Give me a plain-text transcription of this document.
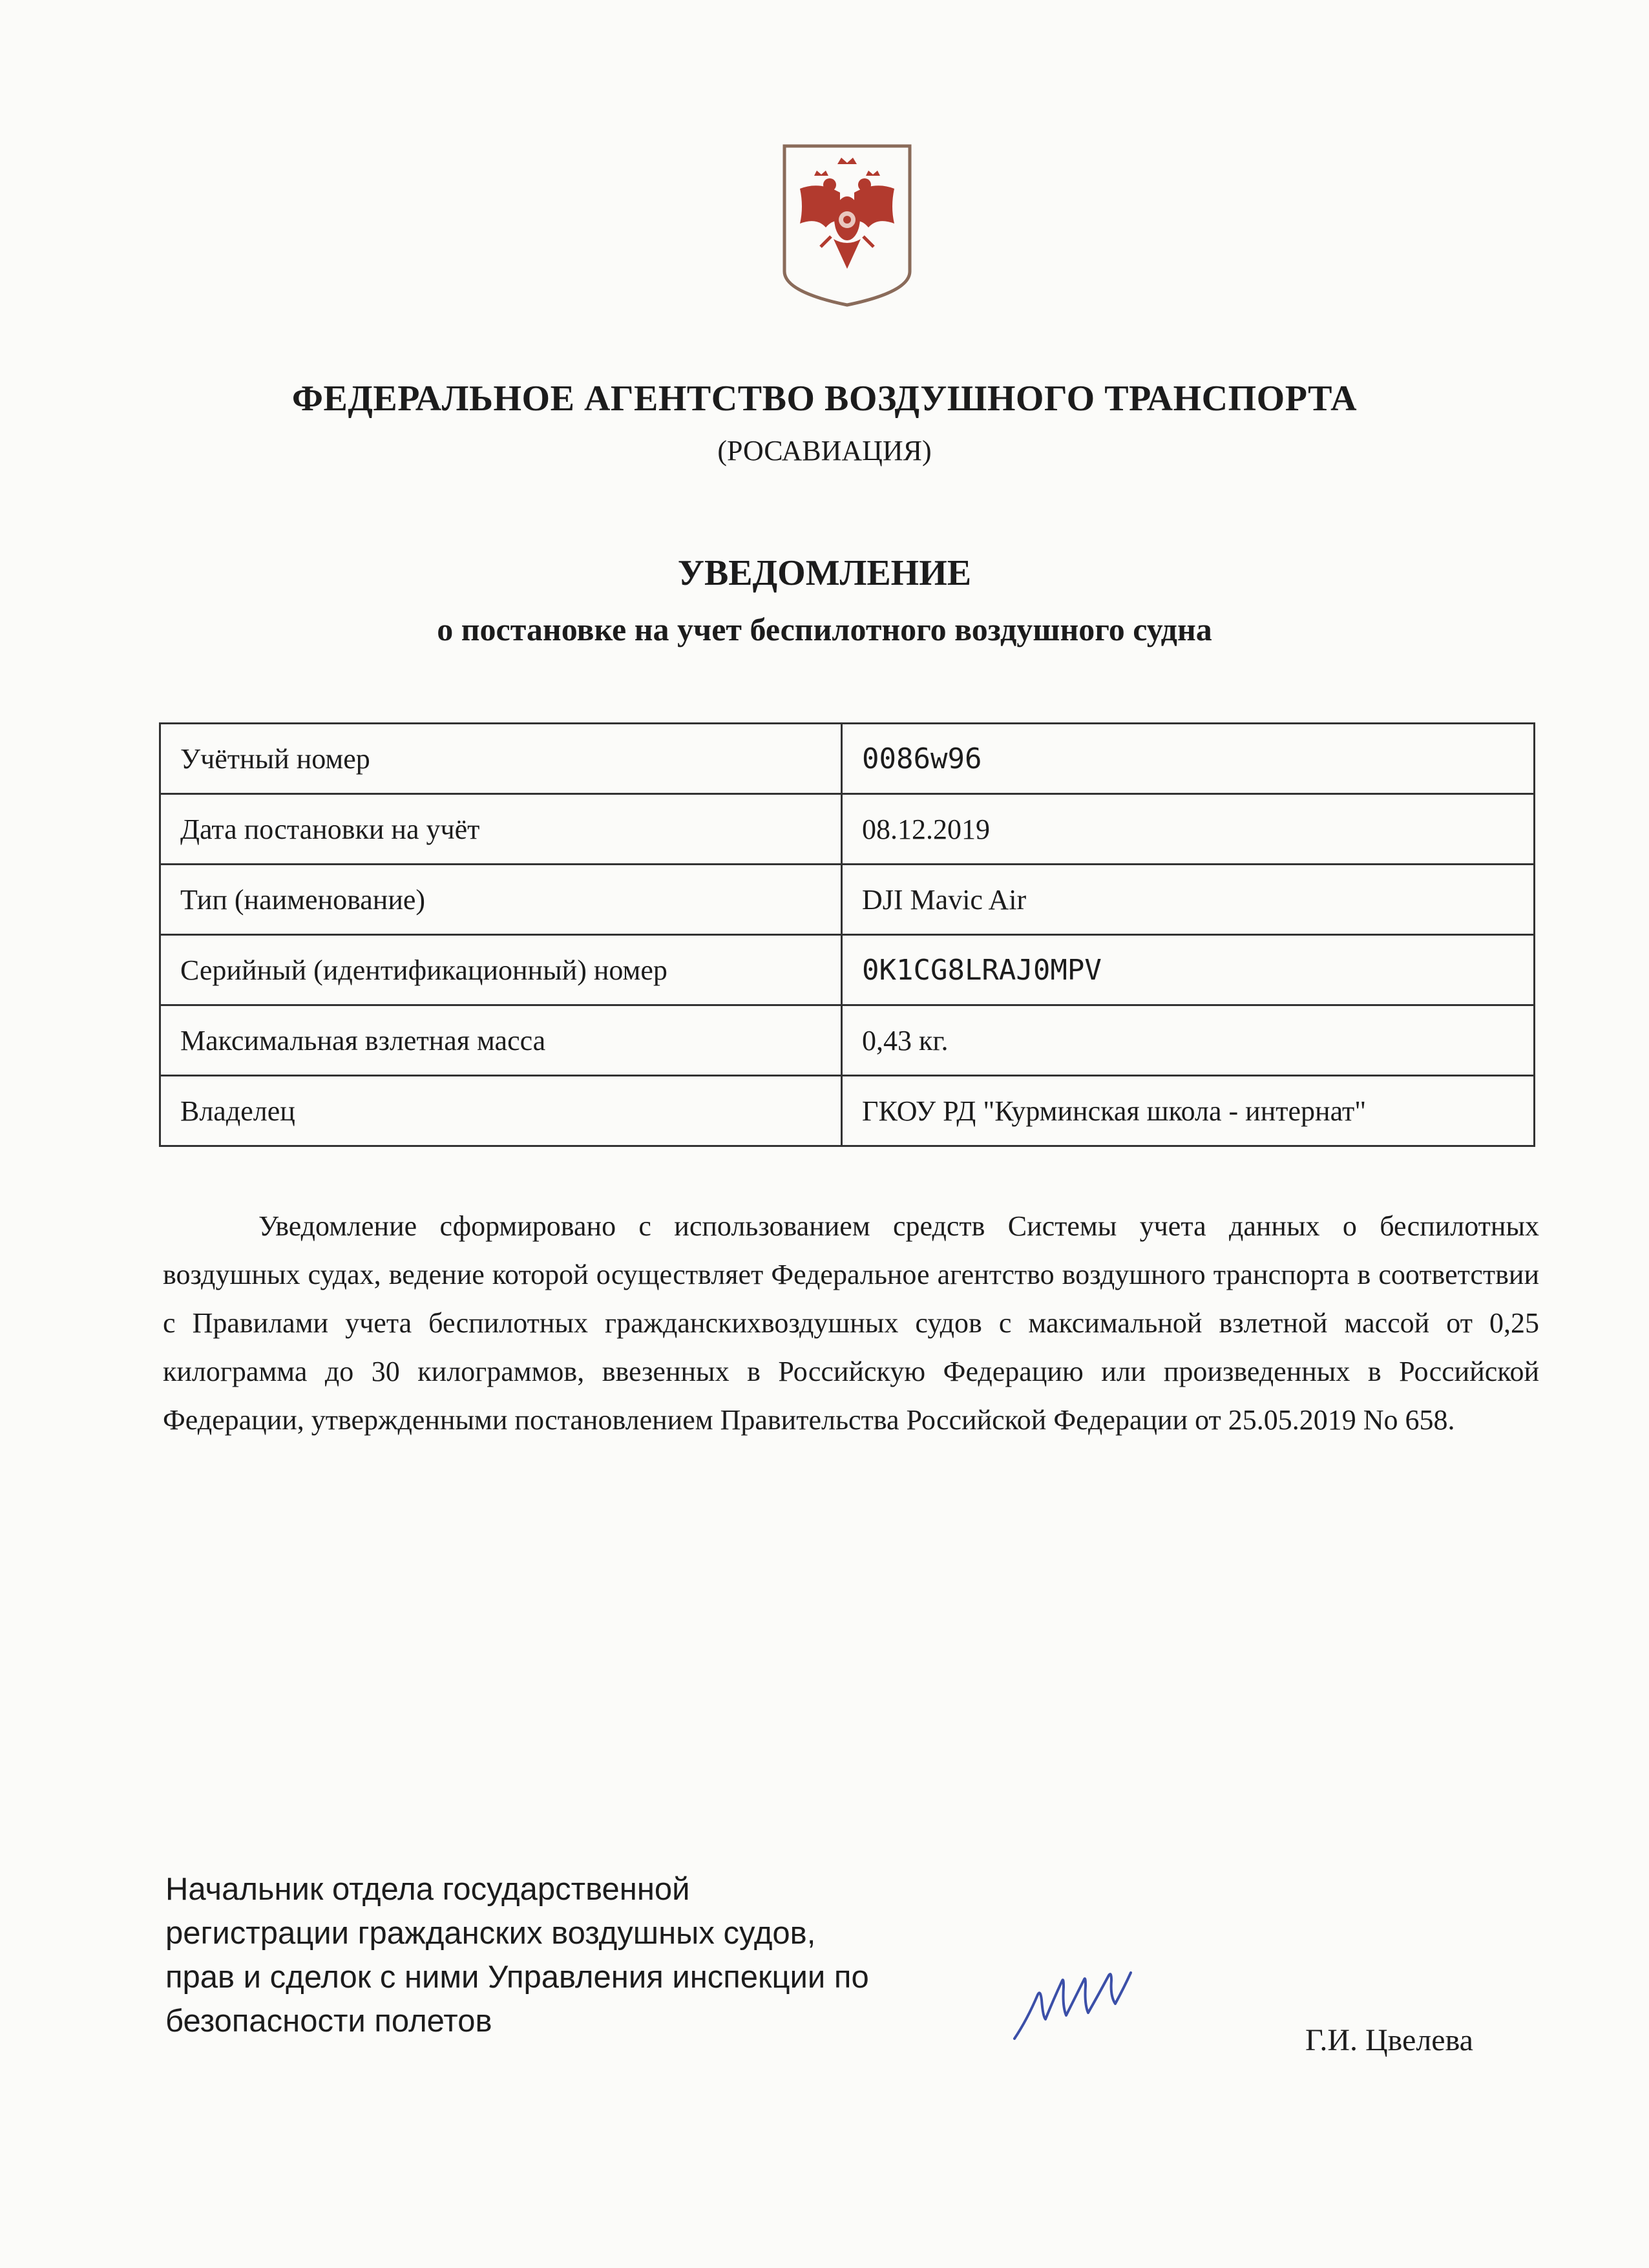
ФЕДЕРАЛЬНОЕ АГЕНТСТВО ВОЗДУШНОГО ТРАНСПОРТА
(РОСАВИАЦИЯ)
УВЕДОМЛЕНИЕ
о постановке на учет беспилотного воздушного судна
Учётный номер	0086w96
Дата постановки на учёт	08.12.2019
Тип (наименование)	DJI Mavic Air
Серийный (идентификационный) номер	0K1CG8LRAJ0MPV
Максимальная взлетная масса	0,43 кг.
Владелец	ГКОУ РД "Курминская школа - интернат"

Уведомление сформировано с использованием средств Системы учета данных о беспилотных воздушных судах, ведение которой осуществляет Федеральное агентство воздушного транспорта в соответствии с Правилами учета беспилотных гражданскихвоздушных судов с максимальной взлетной массой от 0,25 килограмма до 30 килограммов, ввезенных в Российскую Федерацию или произведенных в Российской Федерации, утвержденными постановлением Правительства Российской Федерации от 25.05.2019 No 658.

Начальник отдела государственной регистрации гражданских воздушных судов, прав и сделок с ними Управления инспекции по безопасности полетов

Г.И. Цвелева
